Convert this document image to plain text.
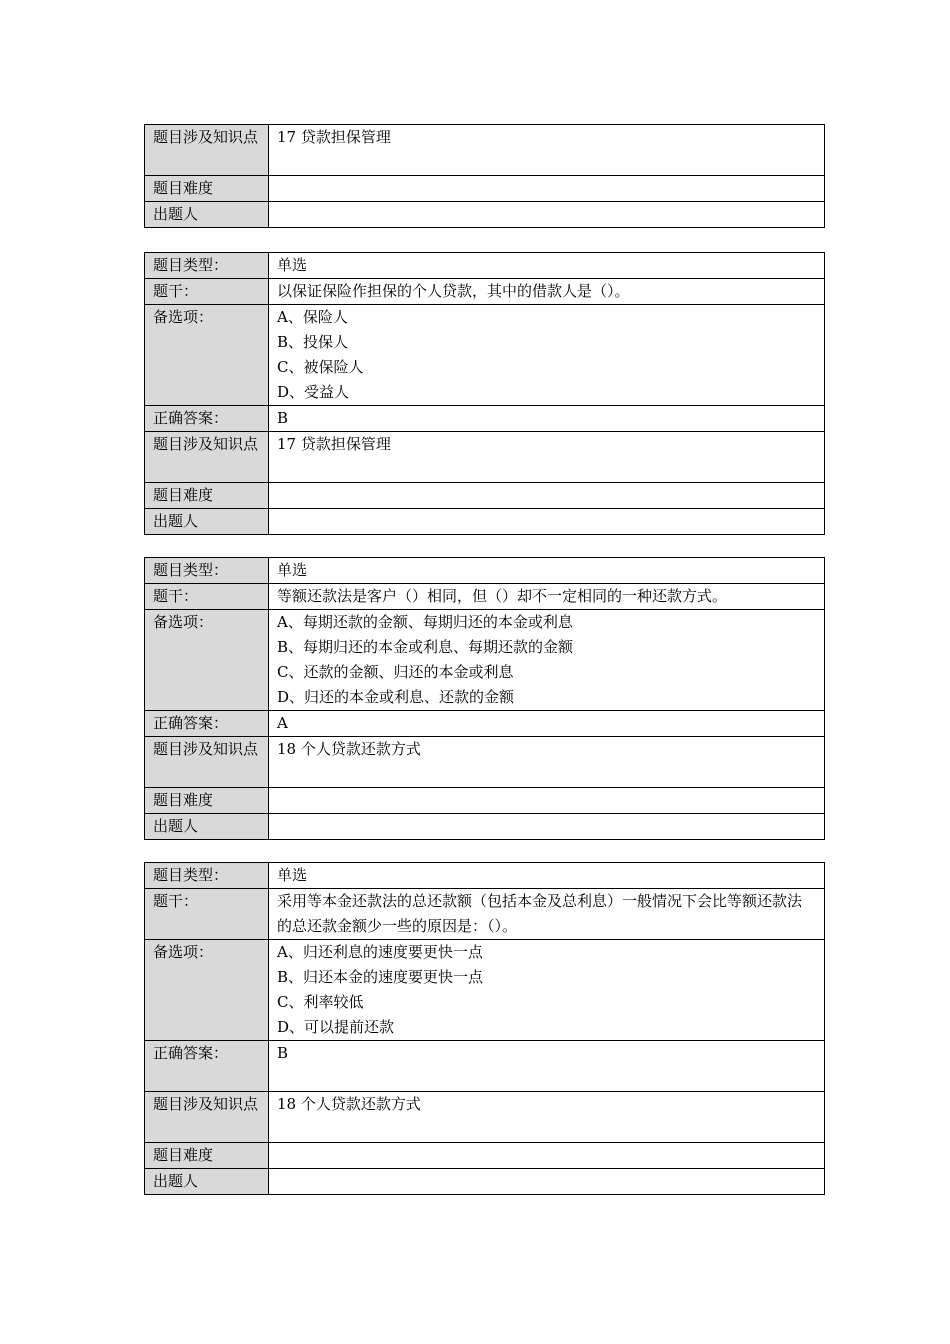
题目涉及知识点	17 贷款担保管理
题目难度	
出题人	
题目类型：	单选
题干：	以保证保险作担保的个人贷款，其中的借款人是（）。
备选项：	A、保险人
B、投保人
C、被保险人
D、受益人

正确答案：	B
题目涉及知识点	17 贷款担保管理
题目难度	
出题人	
题目类型：	单选
题干：	等额还款法是客户（）相同，但（）却不一定相同的一种还款方式。
备选项：	A、每期还款的金额、每期归还的本金或利息
B、每期归还的本金或利息、每期还款的金额
C、还款的金额、归还的本金或利息
D、归还的本金或利息、还款的金额

正确答案：	A
题目涉及知识点	18 个人贷款还款方式
题目难度	
出题人	
题目类型：	单选
题干：	采用等本金还款法的总还款额（包括本金及总利息）一般情况下会比等额还款法的总还款金额少一些的原因是：（）。
备选项：	A、归还利息的速度要更快一点
B、归还本金的速度要更快一点
C、利率较低
D、可以提前还款

正确答案：	B
题目涉及知识点	18 个人贷款还款方式
题目难度	
出题人	
